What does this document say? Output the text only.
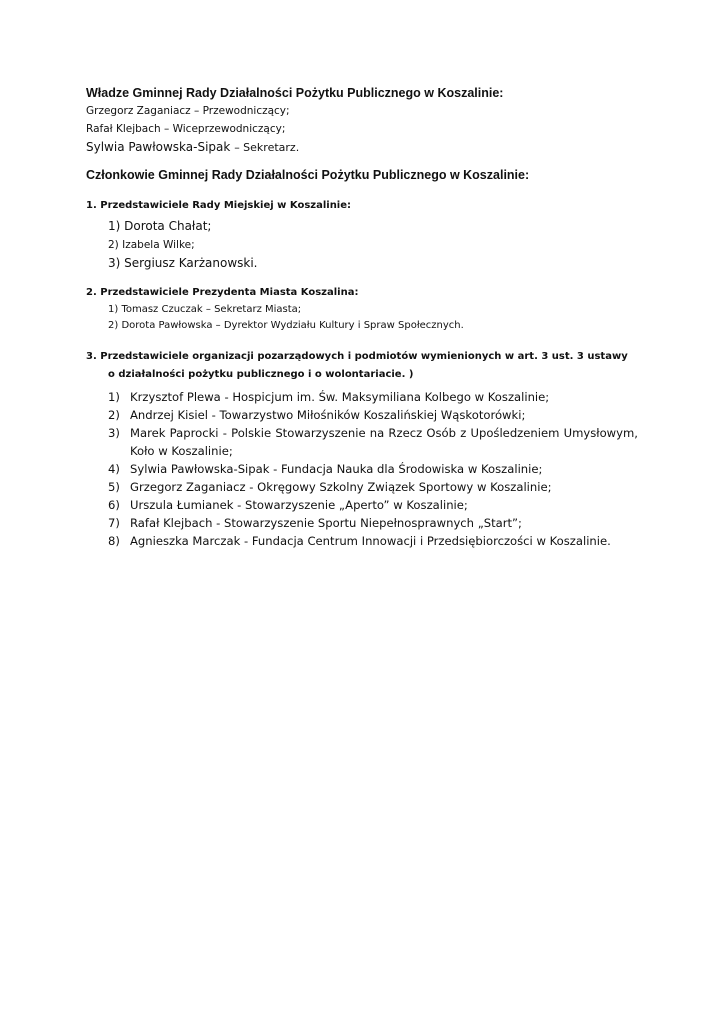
Władze Gminnej Rady Działalności Pożytku Publicznego w Koszalinie:
Grzegorz Zaganiacz – Przewodniczący;
Rafał Klejbach – Wiceprzewodniczący;
Sylwia Pawłowska-Sipak – Sekretarz.
Członkowie Gminnej Rady Działalności Pożytku Publicznego w Koszalinie:
1. Przedstawiciele Rady Miejskiej w Koszalinie:
1) Dorota Chałat;
2) Izabela Wilke;
3) Sergiusz Karżanowski.
2. Przedstawiciele Prezydenta Miasta Koszalina:
1) Tomasz Czuczak – Sekretarz Miasta;
2) Dorota Pawłowska – Dyrektor Wydziału Kultury i Spraw Społecznych.
3. Przedstawiciele organizacji pozarządowych i podmiotów wymienionych w art. 3 ust. 3 ustawy
o działalności pożytku publicznego i o wolontariacie. )
1) Krzysztof Plewa - Hospicjum im. Św. Maksymiliana Kolbego w Koszalinie;
2) Andrzej Kisiel - Towarzystwo Miłośników Koszalińskiej Wąskotorówki;
3) Marek Paprocki - Polskie Stowarzyszenie na Rzecz Osób z Upośledzeniem Umysłowym, Koło w Koszalinie;
4) Sylwia Pawłowska-Sipak - Fundacja Nauka dla Środowiska w Koszalinie;
5) Grzegorz Zaganiacz - Okręgowy Szkolny Związek Sportowy w Koszalinie;
6) Urszula Łumianek - Stowarzyszenie „Aperto” w Koszalinie;
7) Rafał Klejbach - Stowarzyszenie Sportu Niepełnosprawnych „Start”;
8) Agnieszka Marczak - Fundacja Centrum Innowacji i Przedsiębiorczości w Koszalinie.
